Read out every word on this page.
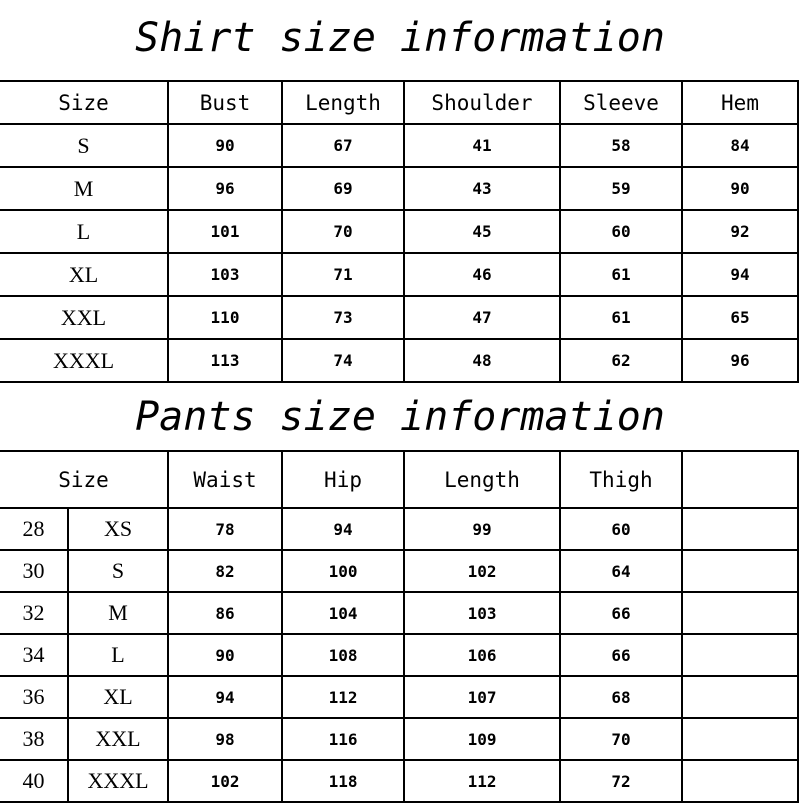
Shirt size information
Size	Bust	Length	Shoulder	Sleeve	Hem
S	90	67	41	58	84
M	96	69	43	59	90
L	101	70	45	60	92
XL	103	71	46	61	94
XXL	110	73	47	61	65
XXXL	113	74	48	62	96
Pants size information
Size		Waist	Hip	Length	Thigh	
28	XS	78	94	99	60	
30	S	82	100	102	64	
32	M	86	104	103	66	
34	L	90	108	106	66	
36	XL	94	112	107	68	
38	XXL	98	116	109	70	
40	XXXL	102	118	112	72	
